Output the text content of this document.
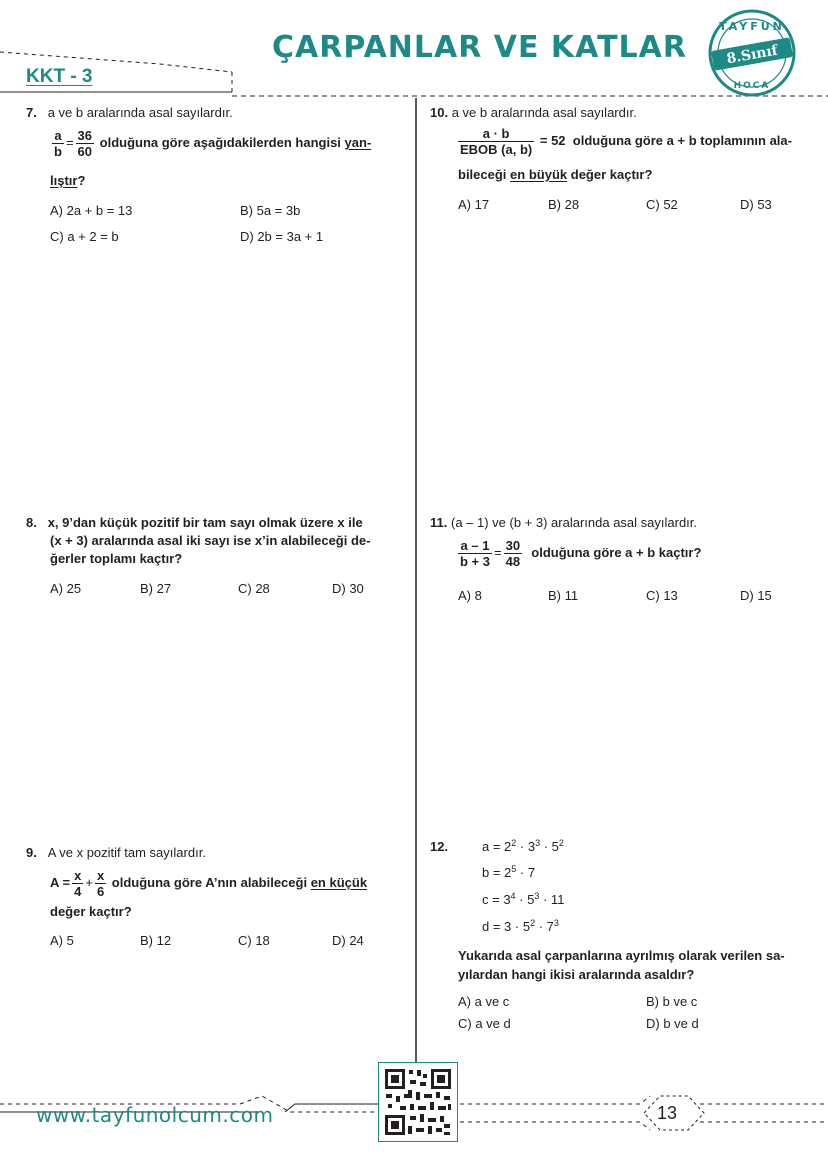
TAYFUN
8.Sınıf
HOCA
ÇARPANLAR VE KATLAR
KKT - 3
7. a ve b aralarında asal sayılardır.
$\frac{a}{b} = \frac{36}{60}$ olduğuna göre aşağıdakilerden hangisi yan-
lıştır?
A) 2a + b = 13	B) 5a = 3b
C) a + 2 = b	D) 2b = 3a + 1
8. x, 9’dan küçük pozitif bir tam sayı olmak üzere x ile
(x + 3) aralarında asal iki sayı ise x’in alabileceği de-
ğerler toplamı kaçtır?
A) 25	B) 27	C) 28	D) 30
9. A ve x pozitif tam sayılardır.
$A = \frac{x}{4} + \frac{x}{6}$ olduğuna göre A’nın alabileceği en küçük
değer kaçtır?
A) 5	B) 12	C) 18	D) 24
10. a ve b aralarında asal sayılardır.
$\frac{a \cdot b}{\text{EBOB (a, b)}} = 52$ olduğuna göre a + b toplamının ala-
bileceği en büyük değer kaçtır?
A) 17	B) 28	C) 52	D) 53
11. (a – 1) ve (b + 3) aralarında asal sayılardır.
$\frac{a - 1}{b + 3} = \frac{30}{48}$ olduğuna göre a + b kaçtır?
A) 8	B) 11	C) 13	D) 15
12.	$a = 2^2 \cdot 3^3 \cdot 5^2$
$b = 2^5 \cdot 7$
$c = 3^4 \cdot 5^3 \cdot 11$
$d = 3 \cdot 5^2 \cdot 7^3$
Yukarıda asal çarpanlarına ayrılmış olarak verilen sa-
yılardan hangi ikisi aralarında asaldır?
A) a ve c	B) b ve c
C) a ve d	D) b ve d
www.tayfunolcum.com	13
